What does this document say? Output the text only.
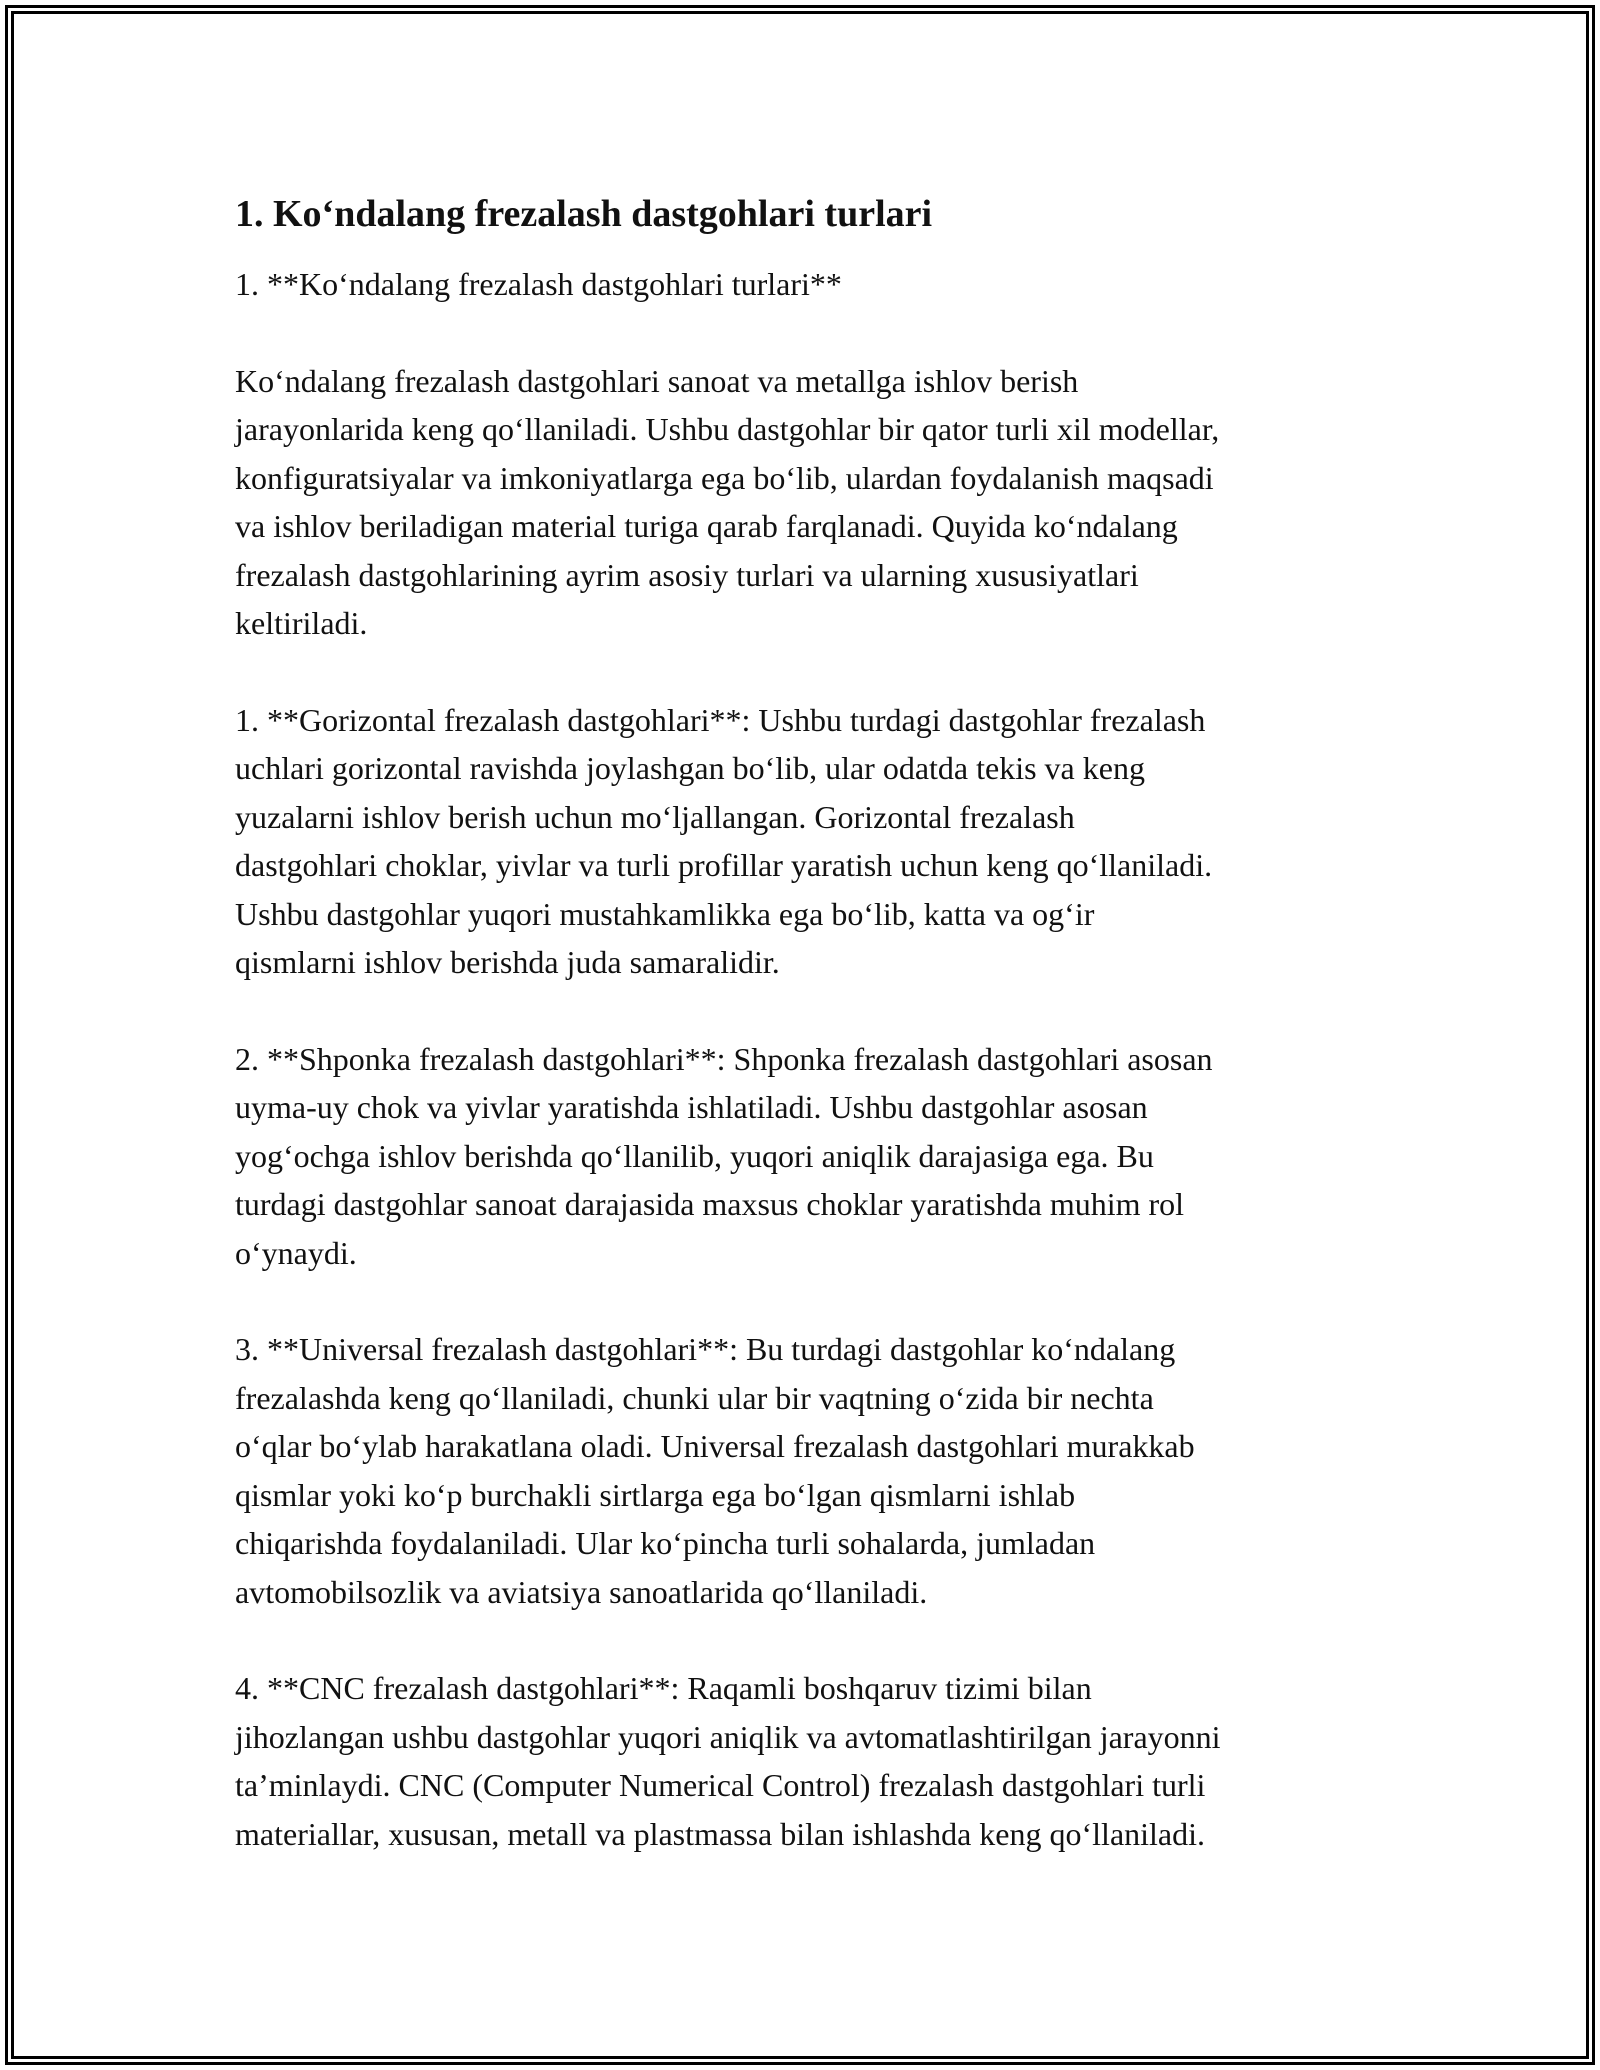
1. Ko‘ndalang frezalash dastgohlari turlari

1. **Ko‘ndalang frezalash dastgohlari turlari**

Ko‘ndalang frezalash dastgohlari sanoat va metallga ishlov berish
jarayonlarida keng qo‘llaniladi. Ushbu dastgohlar bir qator turli xil modellar,
konfiguratsiyalar va imkoniyatlarga ega bo‘lib, ulardan foydalanish maqsadi
va ishlov beriladigan material turiga qarab farqlanadi. Quyida ko‘ndalang
frezalash dastgohlarining ayrim asosiy turlari va ularning xususiyatlari
keltiriladi.

1. **Gorizontal frezalash dastgohlari**: Ushbu turdagi dastgohlar frezalash
uchlari gorizontal ravishda joylashgan bo‘lib, ular odatda tekis va keng
yuzalarni ishlov berish uchun mo‘ljallangan. Gorizontal frezalash
dastgohlari choklar, yivlar va turli profillar yaratish uchun keng qo‘llaniladi.
Ushbu dastgohlar yuqori mustahkamlikka ega bo‘lib, katta va og‘ir
qismlarni ishlov berishda juda samaralidir.

2. **Shponka frezalash dastgohlari**: Shponka frezalash dastgohlari asosan
uyma-uy chok va yivlar yaratishda ishlatiladi. Ushbu dastgohlar asosan
yog‘ochga ishlov berishda qo‘llanilib, yuqori aniqlik darajasiga ega. Bu
turdagi dastgohlar sanoat darajasida maxsus choklar yaratishda muhim rol
o‘ynaydi.

3. **Universal frezalash dastgohlari**: Bu turdagi dastgohlar ko‘ndalang
frezalashda keng qo‘llaniladi, chunki ular bir vaqtning o‘zida bir nechta
o‘qlar bo‘ylab harakatlana oladi. Universal frezalash dastgohlari murakkab
qismlar yoki ko‘p burchakli sirtlarga ega bo‘lgan qismlarni ishlab
chiqarishda foydalaniladi. Ular ko‘pincha turli sohalarda, jumladan
avtomobilsozlik va aviatsiya sanoatlarida qo‘llaniladi.

4. **CNC frezalash dastgohlari**: Raqamli boshqaruv tizimi bilan
jihozlangan ushbu dastgohlar yuqori aniqlik va avtomatlashtirilgan jarayonni
ta’minlaydi. CNC (Computer Numerical Control) frezalash dastgohlari turli
materiallar, xususan, metall va plastmassa bilan ishlashda keng qo‘llaniladi.
